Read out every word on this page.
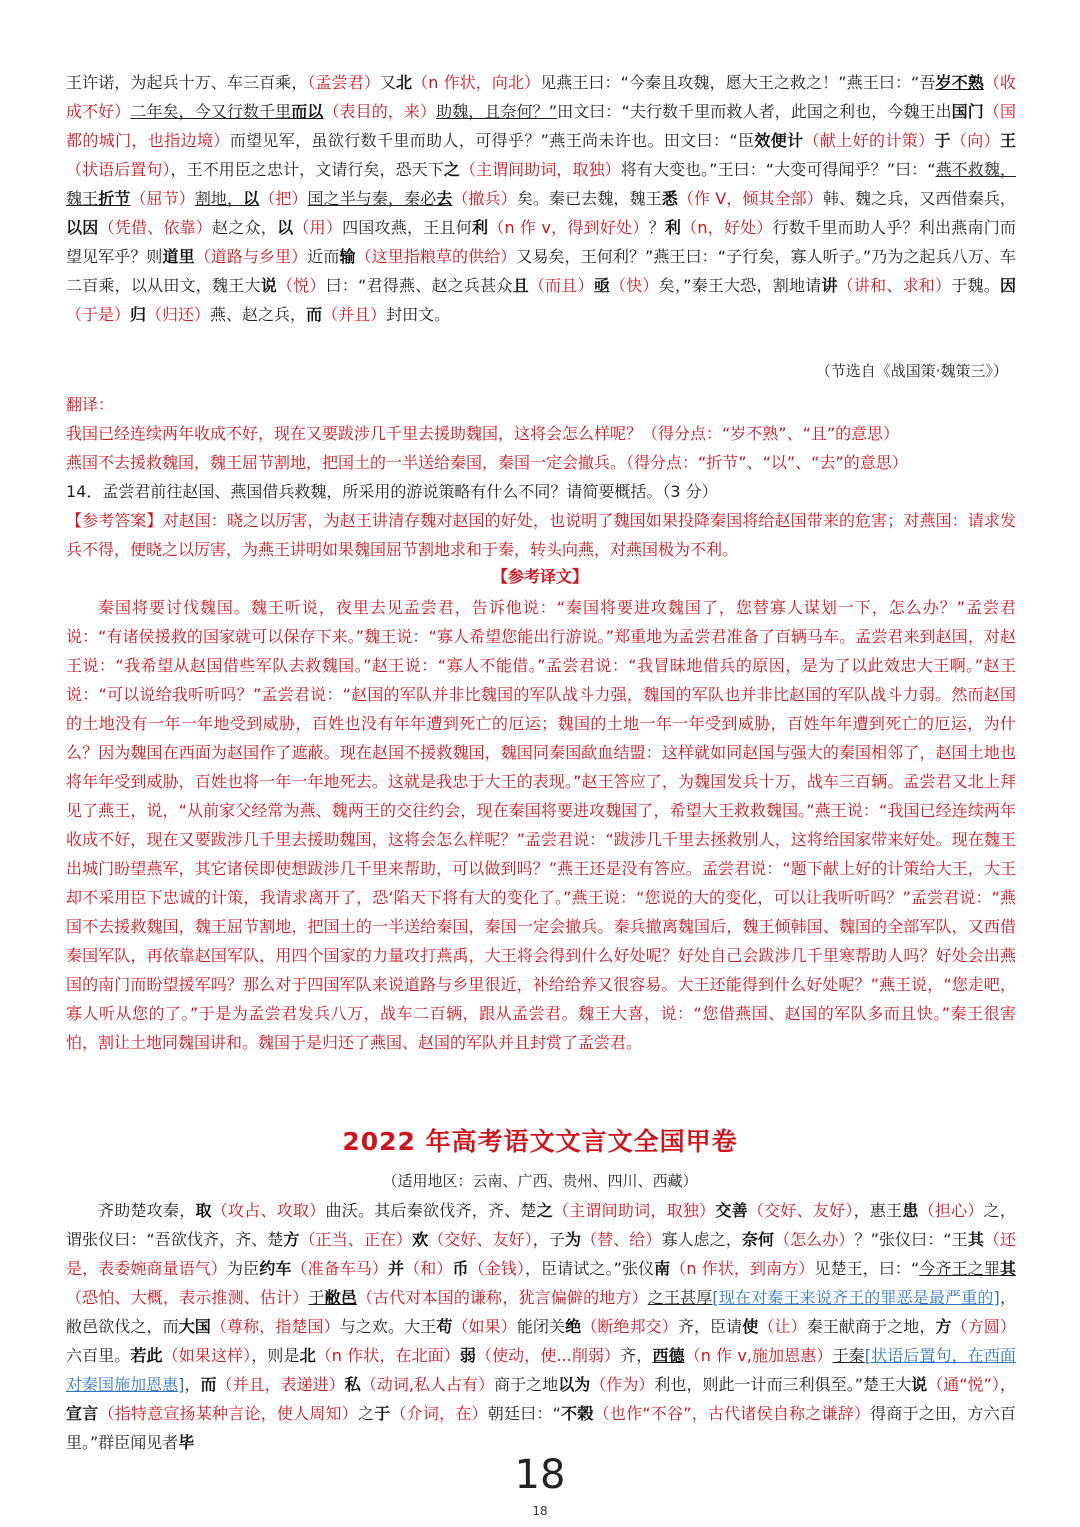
王许诺，为起兵十万、车三百乘，（孟尝君）又北（n 作状，向北）见燕王曰：“今秦且攻魏，愿大王之救之！”燕王曰：“吾岁不熟（收成不好）二年矣，今又行数千里而以（表目的，来）助魏，且奈何？”田文曰：“夫行数千里而救人者，此国之利也，今魏王出国门（国都的城门，也指边境）而望见军，虽欲行数千里而助人，可得乎？”燕王尚未许也。田文曰：“臣效便计（献上好的计策）于（向）王（状语后置句），王不用臣之忠计，文请行矣，恐天下之（主谓间助词，取独）将有大变也。”王曰：“大变可得闻乎？”曰：“燕不救魏，魏王折节（屈节）割地，以（把）国之半与秦，秦必去（撤兵）矣。秦已去魏，魏王悉（作 V，倾其全部）韩、魏之兵，又西借秦兵，以因（凭借、依靠）赵之众，以（用）四国攻燕，王且何利（n 作 v，得到好处）？利（n，好处）行数千里而助人乎？利出燕南门而望见军乎？则道里（道路与乡里）近而输（这里指粮草的供给）又易矣，王何利？”燕王曰：“子行矣，寡人听子。”乃为之起兵八万、车二百乘，以从田文，魏王大说（悦）曰：“君得燕、赵之兵甚众且（而且）亟（快）矣，”秦王大恐，割地请讲（讲和、求和）于魏。因（于是）归（归还）燕、赵之兵，而（并且）封田文。
（节选自《战国策·魏策三》）
翻译：
我国已经连续两年收成不好，现在又要跋涉几千里去援助魏国，这将会怎么样呢？（得分点：“岁不熟”、“且”的意思）
燕国不去援救魏国，魏王屈节割地，把国土的一半送给秦国，秦国一定会撤兵。（得分点：“折节”、“以”、“去”的意思）
14．孟尝君前往赵国、燕国借兵救魏，所采用的游说策略有什么不同？请简要概括。（3 分）
【参考答案】对赵国：晓之以厉害，为赵王讲清存魏对赵国的好处，也说明了魏国如果投降秦国将给赵国带来的危害；对燕国：请求发兵不得，便晓之以厉害，为燕王讲明如果魏国屈节割地求和于秦，转头向燕，对燕国极为不利。
【参考译文】
秦国将要讨伐魏国。魏王听说，夜里去见孟尝君，告诉他说：“秦国将要进攻魏国了，您替寡人谋划一下，怎么办？”孟尝君说：“有诸侯援救的国家就可以保存下来。”魏王说：“寡人希望您能出行游说。”郑重地为孟尝君准备了百辆马车。孟尝君来到赵国，对赵王说：“我希望从赵国借些军队去救魏国。”赵王说：“寡人不能借。”孟尝君说：“我冒昧地借兵的原因，是为了以此效忠大王啊。”赵王说：“可以说给我听听吗？”孟尝君说：“赵国的军队并非比魏国的军队战斗力强，魏国的军队也并非比赵国的军队战斗力弱。然而赵国的土地没有一年一年地受到威胁，百姓也没有年年遭到死亡的厄运；魏国的土地一年一年受到威胁，百姓年年遭到死亡的厄运，为什么？因为魏国在西面为赵国作了遮蔽。现在赵国不援救魏国，魏国同秦国歃血结盟：这样就如同赵国与强大的秦国相邻了，赵国土地也将年年受到威胁，百姓也将一年一年地死去。这就是我忠于大王的表现。”赵王答应了，为魏国发兵十万，战车三百辆。孟尝君又北上拜见了燕王，说，“从前家父经常为燕、魏两王的交往约会，现在秦国将要进攻魏国了，希望大王救救魏国。”燕王说：“我国已经连续两年收成不好，现在又要跋涉几千里去援助魏国，这将会怎么样呢？”孟尝君说：“跋涉几千里去拯救别人，这将给国家带来好处。现在魏王出城门盼望燕军，其它诸侯即使想跋涉几千里来帮助，可以做到吗？”燕王还是没有答应。孟尝君说：“题下献上好的计策给大王，大王却不采用臣下忠诚的计策，我请求离开了，恐‘陷天下将有大的变化了。”燕王说：“您说的大的变化，可以让我听听吗？”孟尝君说：“燕国不去援救魏国，魏王屈节割地，把国土的一半送给秦国，秦国一定会撤兵。秦兵撤离魏国后，魏王倾韩国、魏国的全部军队，又西借秦国军队，再依靠赵国军队，用四个国家的力量攻打燕禹，大王将会得到什么好处呢？好处自己会跋涉几千里寒帮助人吗？好处会出燕国的南门而盼望援军吗？那么对于四国军队来说道路与乡里很近，补给给养又很容易。大王还能得到什么好处呢？”燕王说，“您走吧，寡人听从您的了。”于是为孟尝君发兵八万，战车二百辆，跟从孟尝君。魏王大喜，说：“您借燕国、赵国的军队多而且快。”秦王很害怕，割让土地同魏国讲和。魏国于是归还了燕国、赵国的军队并且封赏了孟尝君。
2022 年高考语文文言文全国甲卷
（适用地区：云南、广西、贵州、四川、西藏）
齐助楚攻秦，取（攻占、攻取）曲沃。其后秦欲伐齐，齐、楚之（主谓间助词，取独）交善（交好、友好），惠王患（担心）之，谓张仪曰：“吾欲伐齐，齐、楚方（正当、正在）欢（交好、友好），子为（替、给）寡人虑之，奈何（怎么办）？”张仪曰：“王其（还是，表委婉商量语气）为臣约车（准备车马）并（和）币（金钱），臣请试之。”张仪南（n 作状，到南方）见楚王，曰：“今齐王之罪其（恐怕、大概，表示推测、估计）于敝邑（古代对本国的谦称，犹言偏僻的地方）之王甚厚[现在对秦王来说齐王的罪恶是最严重的]，敝邑欲伐之，而大国（尊称，指楚国）与之欢。大王苟（如果）能闭关绝（断绝邦交）齐，臣请使（让）秦王献商于之地，方（方圆）六百里。若此（如果这样），则是北（n 作状，在北面）弱（使动，使...削弱）齐，西德（n 作 v,施加恩惠）于秦[状语后置句，在西面对秦国施加恩惠]，而（并且，表递进）私（动词,私人占有）商于之地以为（作为）利也，则此一计而三利俱至。”楚王大说（通“悦”），宣言（指特意宣扬某种言论，使人周知）之于（介词，在）朝廷曰：“不榖（也作“不谷”，古代诸侯自称之谦辞）得商于之田，方六百里。”群臣闻见者毕
18
18
